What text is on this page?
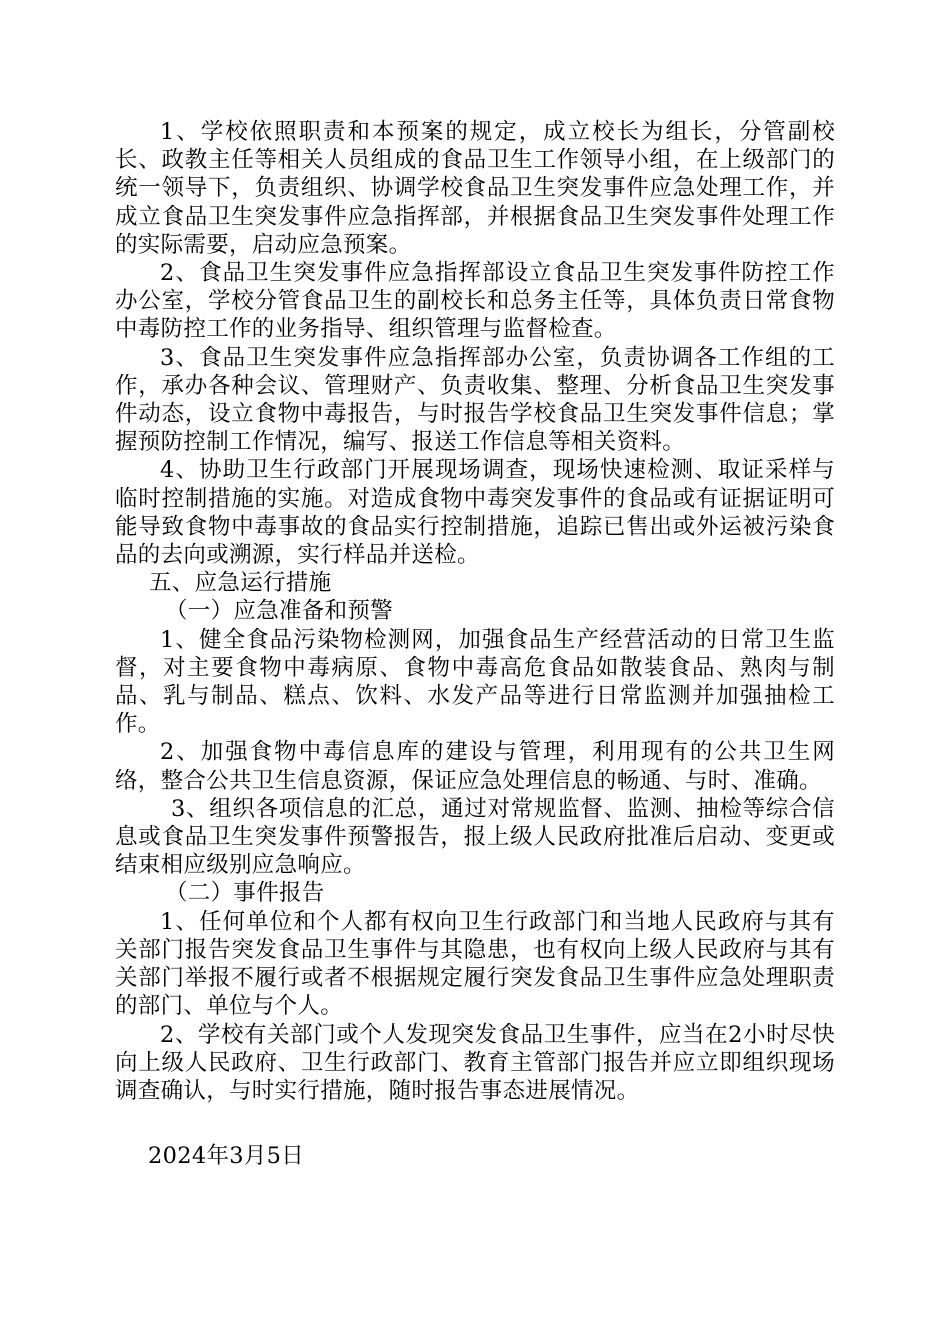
1、学校依照职责和本预案的规定，成立校长为组长，分管副校长、政教主任等相关人员组成的食品卫生工作领导小组，在上级部门的统一领导下，负责组织、协调学校食品卫生突发事件应急处理工作，并成立食品卫生突发事件应急指挥部，并根据食品卫生突发事件处理工作的实际需要，启动应急预案。

2、食品卫生突发事件应急指挥部设立食品卫生突发事件防控工作办公室，学校分管食品卫生的副校长和总务主任等，具体负责日常食物中毒防控工作的业务指导、组织管理与监督检查。

3、食品卫生突发事件应急指挥部办公室，负责协调各工作组的工作，承办各种会议、管理财产、负责收集、整理、分析食品卫生突发事件动态，设立食物中毒报告，与时报告学校食品卫生突发事件信息；掌握预防控制工作情况，编写、报送工作信息等相关资料。

4、协助卫生行政部门开展现场调查，现场快速检测、取证采样与临时控制措施的实施。对造成食物中毒突发事件的食品或有证据证明可能导致食物中毒事故的食品实行控制措施，追踪已售出或外运被污染食品的去向或溯源，实行样品并送检。

五、应急运行措施

（一）应急准备和预警

1、健全食品污染物检测网，加强食品生产经营活动的日常卫生监督，对主要食物中毒病原、食物中毒高危食品如散装食品、熟肉与制品、乳与制品、糕点、饮料、水发产品等进行日常监测并加强抽检工作。

2、加强食物中毒信息库的建设与管理，利用现有的公共卫生网络，整合公共卫生信息资源，保证应急处理信息的畅通、与时、准确。

3、组织各项信息的汇总，通过对常规监督、监测、抽检等综合信息或食品卫生突发事件预警报告，报上级人民政府批准后启动、变更或结束相应级别应急响应。

（二）事件报告

1、任何单位和个人都有权向卫生行政部门和当地人民政府与其有关部门报告突发食品卫生事件与其隐患，也有权向上级人民政府与其有关部门举报不履行或者不根据规定履行突发食品卫生事件应急处理职责的部门、单位与个人。

2、学校有关部门或个人发现突发食品卫生事件，应当在2小时尽快向上级人民政府、卫生行政部门、教育主管部门报告并应立即组织现场调查确认，与时实行措施，随时报告事态进展情况。

2024年3月5日
